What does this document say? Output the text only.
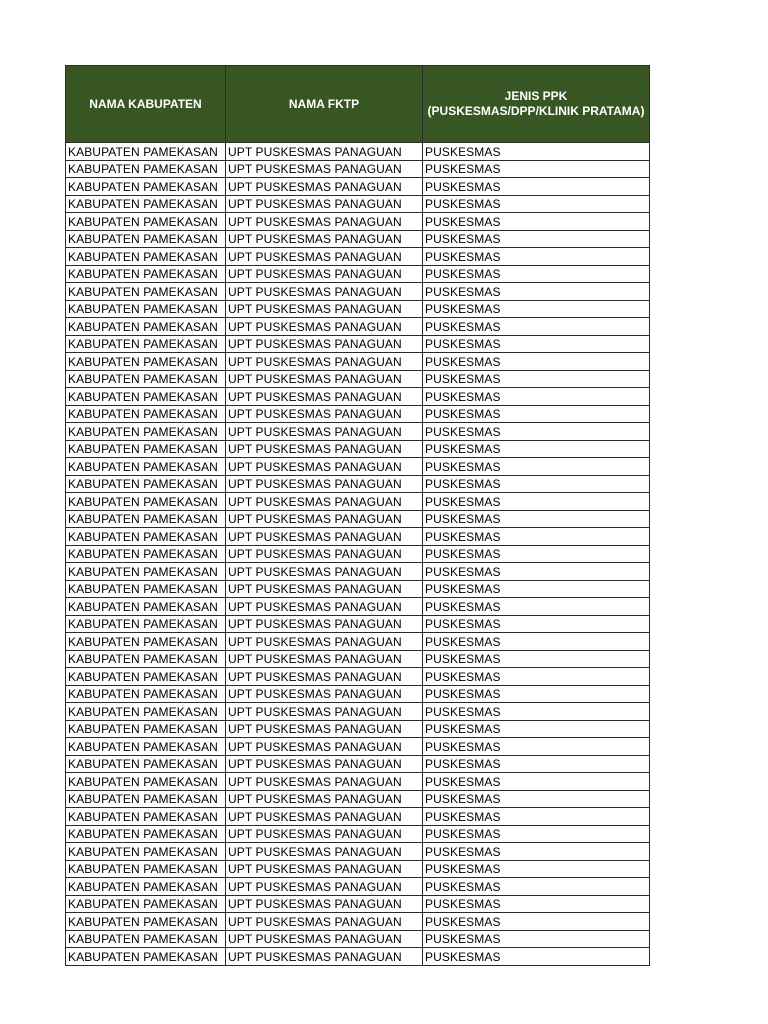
NAMA KABUPATEN	NAMA FKTP	JENIS PPK
(PUSKESMAS/DPP/KLINIK PRATAMA)

KABUPATEN PAMEKASAN	UPT PUSKESMAS PANAGUAN	PUSKESMAS
KABUPATEN PAMEKASAN	UPT PUSKESMAS PANAGUAN	PUSKESMAS
KABUPATEN PAMEKASAN	UPT PUSKESMAS PANAGUAN	PUSKESMAS
KABUPATEN PAMEKASAN	UPT PUSKESMAS PANAGUAN	PUSKESMAS
KABUPATEN PAMEKASAN	UPT PUSKESMAS PANAGUAN	PUSKESMAS
KABUPATEN PAMEKASAN	UPT PUSKESMAS PANAGUAN	PUSKESMAS
KABUPATEN PAMEKASAN	UPT PUSKESMAS PANAGUAN	PUSKESMAS
KABUPATEN PAMEKASAN	UPT PUSKESMAS PANAGUAN	PUSKESMAS
KABUPATEN PAMEKASAN	UPT PUSKESMAS PANAGUAN	PUSKESMAS
KABUPATEN PAMEKASAN	UPT PUSKESMAS PANAGUAN	PUSKESMAS
KABUPATEN PAMEKASAN	UPT PUSKESMAS PANAGUAN	PUSKESMAS
KABUPATEN PAMEKASAN	UPT PUSKESMAS PANAGUAN	PUSKESMAS
KABUPATEN PAMEKASAN	UPT PUSKESMAS PANAGUAN	PUSKESMAS
KABUPATEN PAMEKASAN	UPT PUSKESMAS PANAGUAN	PUSKESMAS
KABUPATEN PAMEKASAN	UPT PUSKESMAS PANAGUAN	PUSKESMAS
KABUPATEN PAMEKASAN	UPT PUSKESMAS PANAGUAN	PUSKESMAS
KABUPATEN PAMEKASAN	UPT PUSKESMAS PANAGUAN	PUSKESMAS
KABUPATEN PAMEKASAN	UPT PUSKESMAS PANAGUAN	PUSKESMAS
KABUPATEN PAMEKASAN	UPT PUSKESMAS PANAGUAN	PUSKESMAS
KABUPATEN PAMEKASAN	UPT PUSKESMAS PANAGUAN	PUSKESMAS
KABUPATEN PAMEKASAN	UPT PUSKESMAS PANAGUAN	PUSKESMAS
KABUPATEN PAMEKASAN	UPT PUSKESMAS PANAGUAN	PUSKESMAS
KABUPATEN PAMEKASAN	UPT PUSKESMAS PANAGUAN	PUSKESMAS
KABUPATEN PAMEKASAN	UPT PUSKESMAS PANAGUAN	PUSKESMAS
KABUPATEN PAMEKASAN	UPT PUSKESMAS PANAGUAN	PUSKESMAS
KABUPATEN PAMEKASAN	UPT PUSKESMAS PANAGUAN	PUSKESMAS
KABUPATEN PAMEKASAN	UPT PUSKESMAS PANAGUAN	PUSKESMAS
KABUPATEN PAMEKASAN	UPT PUSKESMAS PANAGUAN	PUSKESMAS
KABUPATEN PAMEKASAN	UPT PUSKESMAS PANAGUAN	PUSKESMAS
KABUPATEN PAMEKASAN	UPT PUSKESMAS PANAGUAN	PUSKESMAS
KABUPATEN PAMEKASAN	UPT PUSKESMAS PANAGUAN	PUSKESMAS
KABUPATEN PAMEKASAN	UPT PUSKESMAS PANAGUAN	PUSKESMAS
KABUPATEN PAMEKASAN	UPT PUSKESMAS PANAGUAN	PUSKESMAS
KABUPATEN PAMEKASAN	UPT PUSKESMAS PANAGUAN	PUSKESMAS
KABUPATEN PAMEKASAN	UPT PUSKESMAS PANAGUAN	PUSKESMAS
KABUPATEN PAMEKASAN	UPT PUSKESMAS PANAGUAN	PUSKESMAS
KABUPATEN PAMEKASAN	UPT PUSKESMAS PANAGUAN	PUSKESMAS
KABUPATEN PAMEKASAN	UPT PUSKESMAS PANAGUAN	PUSKESMAS
KABUPATEN PAMEKASAN	UPT PUSKESMAS PANAGUAN	PUSKESMAS
KABUPATEN PAMEKASAN	UPT PUSKESMAS PANAGUAN	PUSKESMAS
KABUPATEN PAMEKASAN	UPT PUSKESMAS PANAGUAN	PUSKESMAS
KABUPATEN PAMEKASAN	UPT PUSKESMAS PANAGUAN	PUSKESMAS
KABUPATEN PAMEKASAN	UPT PUSKESMAS PANAGUAN	PUSKESMAS
KABUPATEN PAMEKASAN	UPT PUSKESMAS PANAGUAN	PUSKESMAS
KABUPATEN PAMEKASAN	UPT PUSKESMAS PANAGUAN	PUSKESMAS
KABUPATEN PAMEKASAN	UPT PUSKESMAS PANAGUAN	PUSKESMAS
KABUPATEN PAMEKASAN	UPT PUSKESMAS PANAGUAN	PUSKESMAS
